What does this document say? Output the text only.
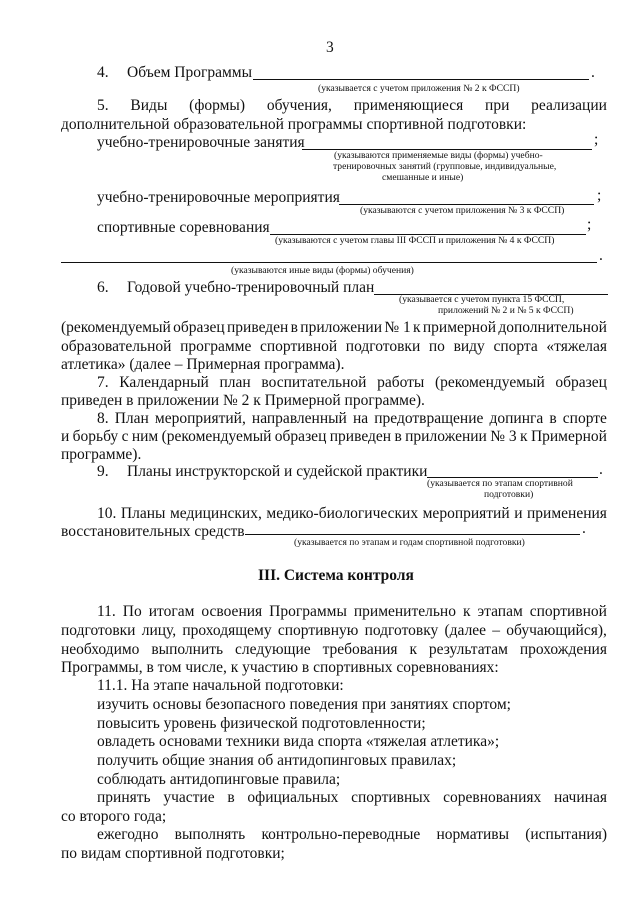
3
4. Объем Программы	.
(указывается с учетом приложения № 2 к ФССП)
5. Виды (формы) обучения, применяющиеся при реализации
дополнительной образовательной программы спортивной подготовки:
учебно-тренировочные занятия	;
(указываются применяемые виды (формы) учебно-
тренировочных занятий (групповые, индивидуальные,
смешанные и иные)
учебно-тренировочные мероприятия	;
(указываются с учетом приложения № 3 к ФССП)
спортивные соревнования	;
(указываются с учетом главы III ФССП и приложения № 4 к ФССП)
.
(указываются иные виды (формы) обучения)
6. Годовой учебно-тренировочный план
(указывается с учетом пункта 15 ФССП,
приложений № 2 и № 5 к ФССП)
(рекомендуемый образец приведен в приложении № 1 к примерной дополнительной
образовательной программе спортивной подготовки по виду спорта «тяжелая
атлетика» (далее – Примерная программа).
7. Календарный план воспитательной работы (рекомендуемый образец
приведен в приложении № 2 к Примерной программе).
8. План мероприятий, направленный на предотвращение допинга в спорте
и борьбу с ним (рекомендуемый образец приведен в приложении № 3 к Примерной
программе).
9. Планы инструкторской и судейской практики	.
(указывается по этапам спортивной
подготовки)
10. Планы медицинских, медико-биологических мероприятий и применения
восстановительных средств	.
(указывается по этапам и годам спортивной подготовки)
III. Система контроля
11. По итогам освоения Программы применительно к этапам спортивной
подготовки лицу, проходящему спортивную подготовку (далее – обучающийся),
необходимо выполнить следующие требования к результатам прохождения
Программы, в том числе, к участию в спортивных соревнованиях:
11.1. На этапе начальной подготовки:
изучить основы безопасного поведения при занятиях спортом;
повысить уровень физической подготовленности;
овладеть основами техники вида спорта «тяжелая атлетика»;
получить общие знания об антидопинговых правилах;
соблюдать антидопинговые правила;
принять участие в официальных спортивных соревнованиях начиная
со второго года;
ежегодно выполнять контрольно-переводные нормативы (испытания)
по видам спортивной подготовки;
